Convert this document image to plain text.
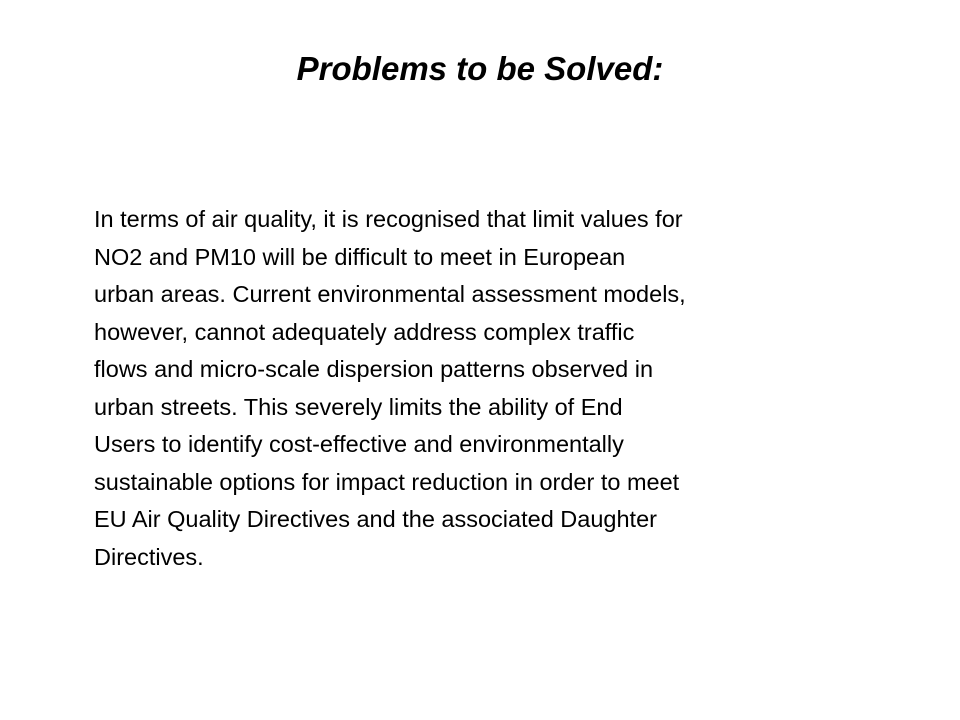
Problems to be Solved:

In terms of air quality, it is recognised that limit values for
NO2 and PM10 will be difficult to meet in European
urban areas. Current environmental assessment models,
however, cannot adequately address complex traffic
flows and micro-scale dispersion patterns observed in
urban streets. This severely limits the ability of End
Users to identify cost-effective and environmentally
sustainable options for impact reduction in order to meet
EU Air Quality Directives and the associated Daughter
Directives.
